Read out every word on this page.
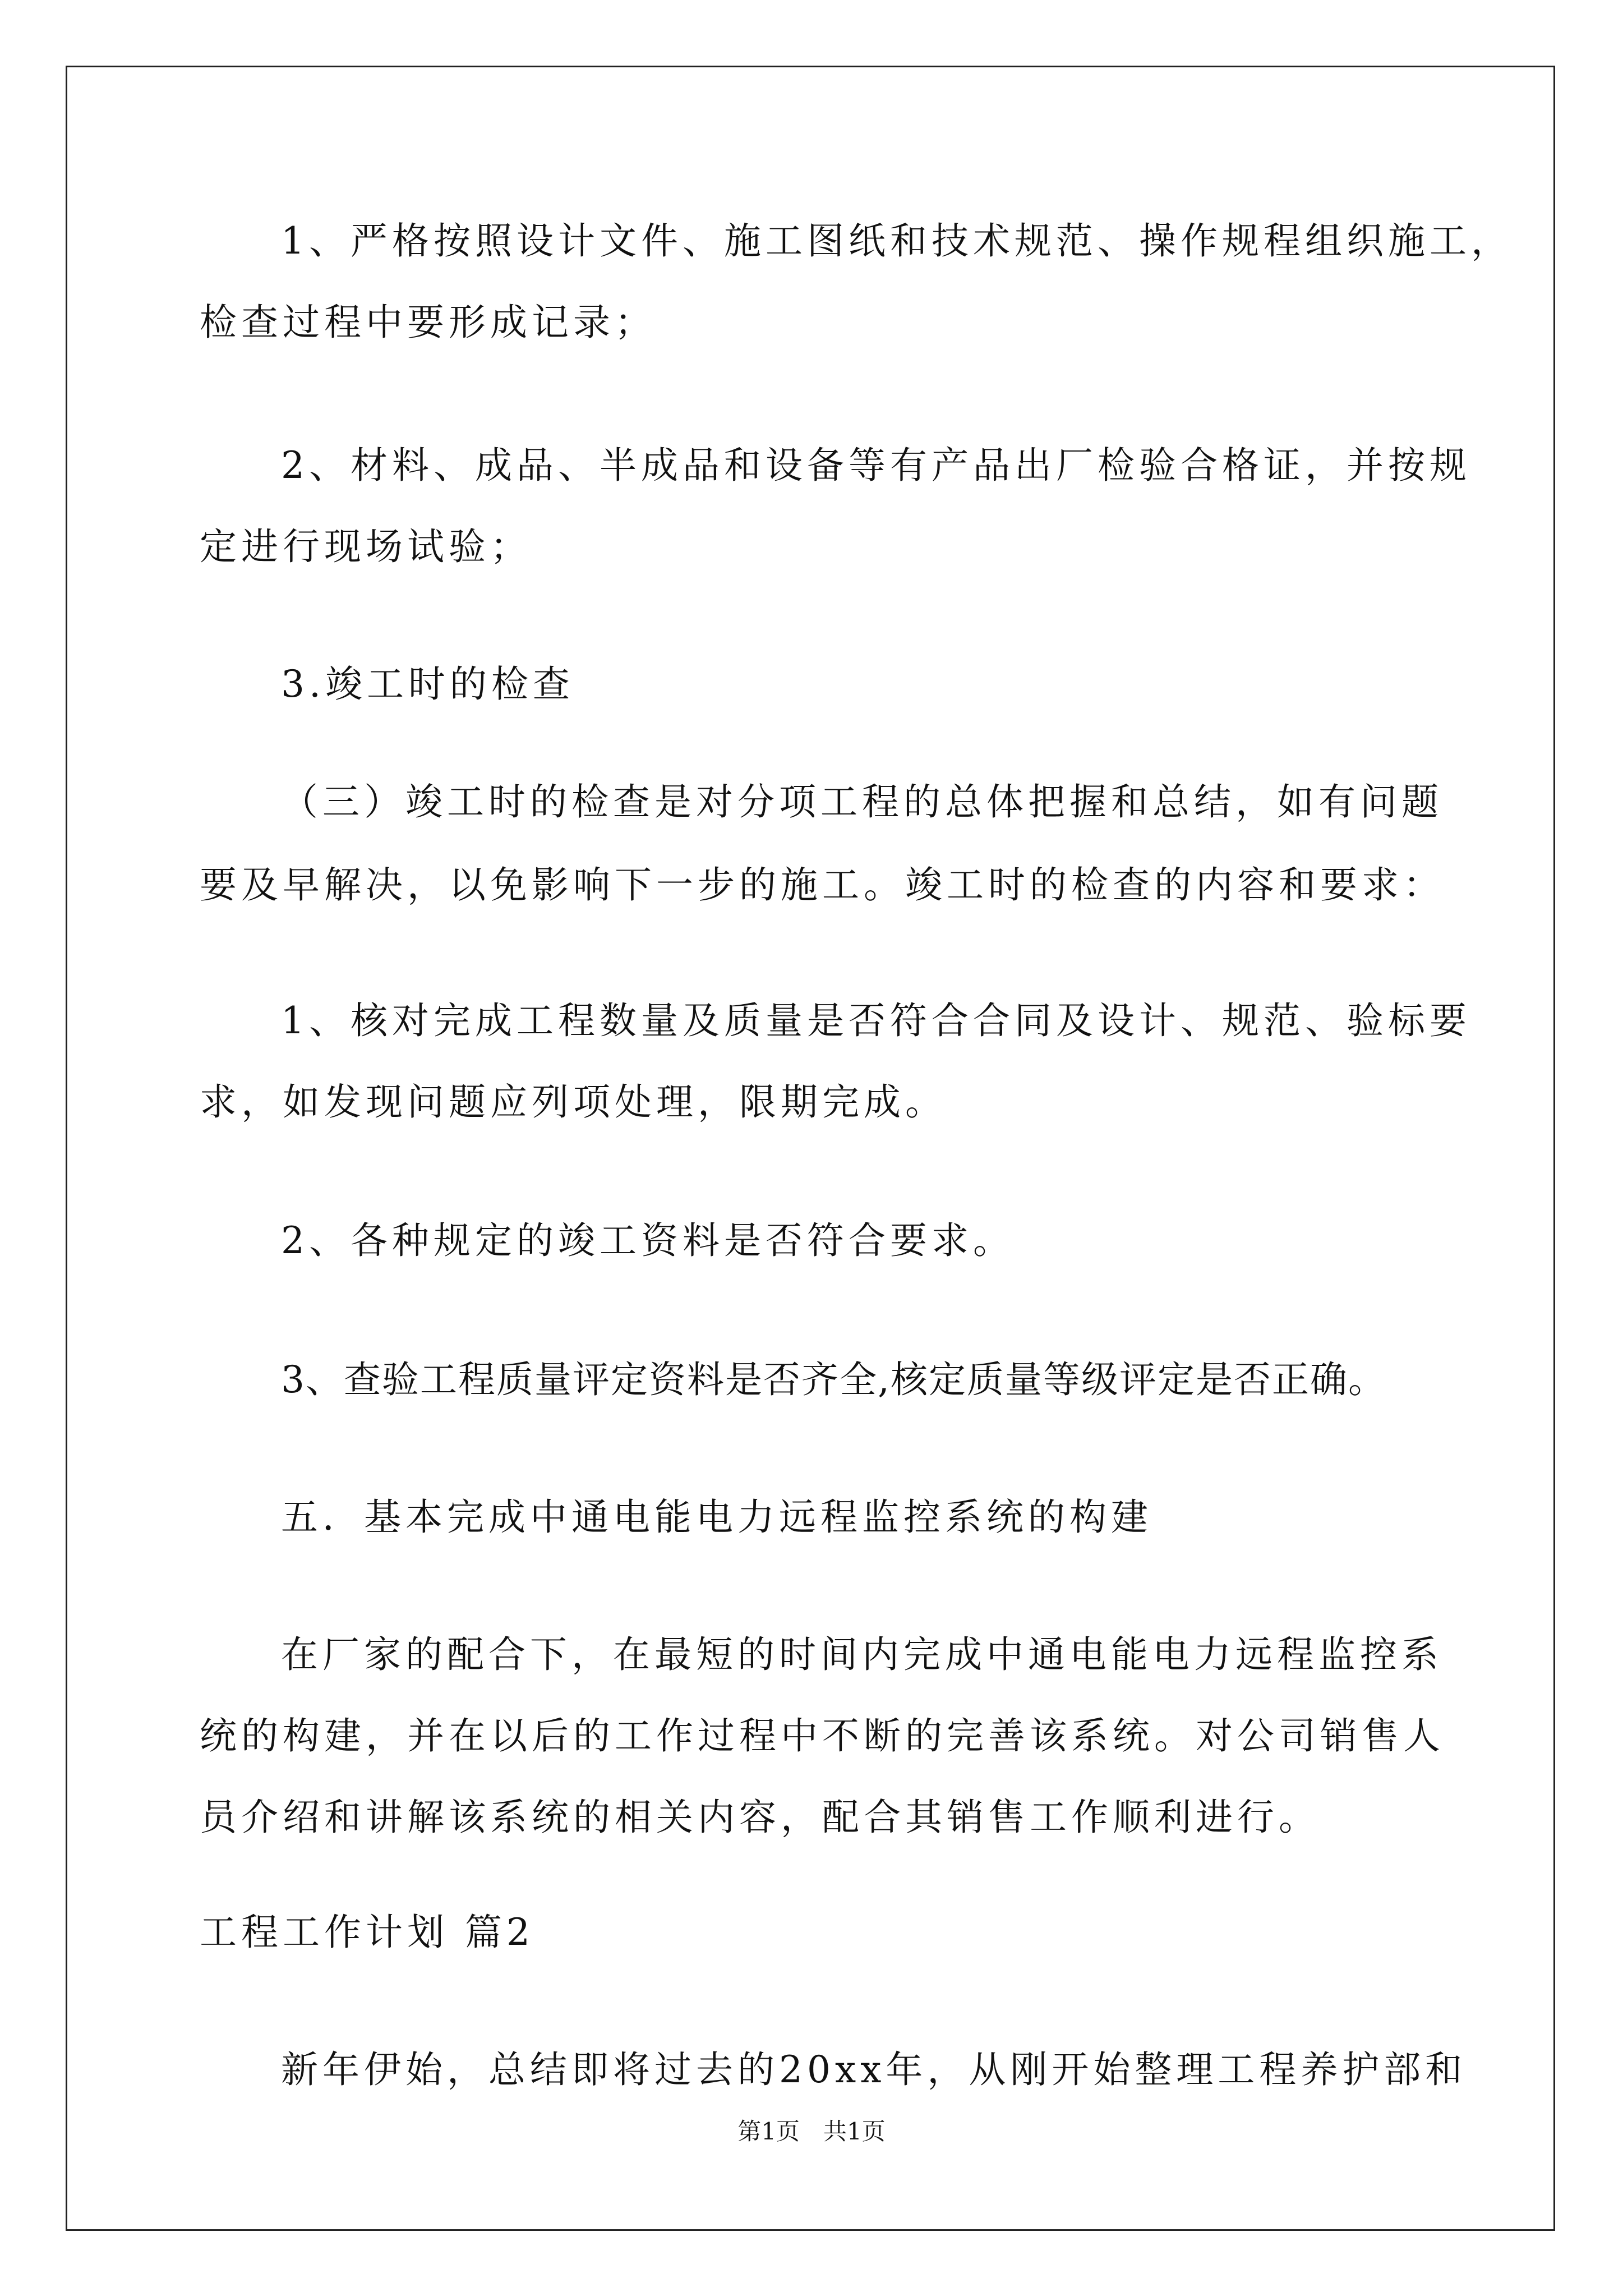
1、严格按照设计文件、施工图纸和技术规范、操作规程组织施工，
检查过程中要形成记录；
2、材料、成品、半成品和设备等有产品出厂检验合格证，并按规
定进行现场试验；
3.竣工时的检查
（三）竣工时的检查是对分项工程的总体把握和总结，如有问题
要及早解决，以免影响下一步的施工。竣工时的检查的内容和要求：
1、核对完成工程数量及质量是否符合合同及设计、规范、验标要
求，如发现问题应列项处理，限期完成。
2、各种规定的竣工资料是否符合要求。
3、查验工程质量评定资料是否齐全,核定质量等级评定是否正确。
五．基本完成中通电能电力远程监控系统的构建
在厂家的配合下，在最短的时间内完成中通电能电力远程监控系
统的构建，并在以后的工作过程中不断的完善该系统。对公司销售人
员介绍和讲解该系统的相关内容，配合其销售工作顺利进行。
工程工作计划 篇2
新年伊始，总结即将过去的20xx年，从刚开始整理工程养护部和
第1页　共1页
